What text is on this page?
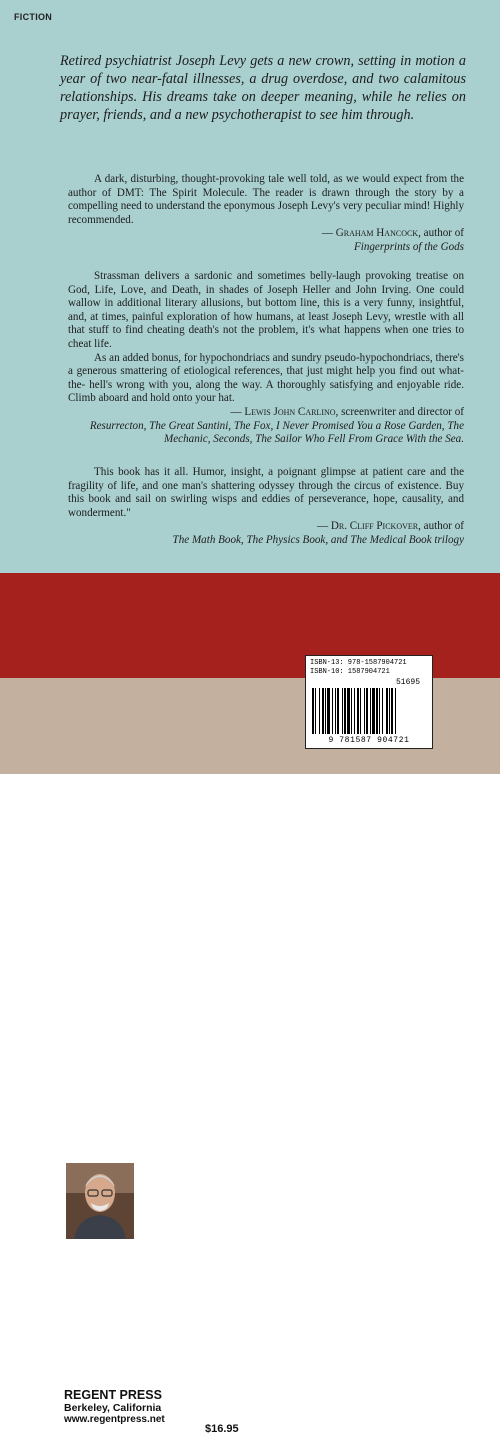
FICTION
Retired psychiatrist Joseph Levy gets a new crown, setting in motion a year of two near-fatal illnesses, a drug overdose, and two calamitous relationships. His dreams take on deeper meaning, while he relies on prayer, friends, and a new psychotherapist to see him through.

A dark, disturbing, thought-provoking tale well told, as we would expect from the author of DMT: The Spirit Molecule. The reader is drawn through the story by a compelling need to understand the eponymous Joseph Levy's very peculiar mind! Highly recommended.

— Graham Hancock, author of
Fingerprints of the Gods

Strassman delivers a sardonic and sometimes belly-laugh provoking treatise on God, Life, Love, and Death, in shades of Joseph Heller and John Irving. One could wallow in additional literary allusions, but bottom line, this is a very funny, insightful, and, at times, painful exploration of how humans, at least Joseph Levy, wrestle with all that stuff to find cheating death's not the problem, it's what happens when one tries to cheat life.

As an added bonus, for hypochondriacs and sundry pseudo-hypochondriacs, there's a generous smattering of etiological references, that just might help you find out what-the- hell's wrong with you, along the way. A thoroughly satisfying and enjoyable ride. Climb aboard and hold onto your hat.

— Lewis John Carlino, screenwriter and director of
Resurrecton, The Great Santini, The Fox, I Never Promised You a Rose Garden, The Mechanic, Seconds, The Sailor Who Fell From Grace With the Sea.

This book has it all. Humor, insight, a poignant glimpse at patient care and the fragility of life, and one man's shattering odyssey through the circus of existence. Buy this book and sail on swirling wisps and eddies of perseverance, hope, causality, and wonderment."

— Dr. Cliff Pickover, author of
The Math Book, The Physics Book, and The Medical Book trilogy
Rick Strassman is author of DMT: The Spirit Molecule and Clinical Associate Professor of Psychiatry at the University of New Mexico School of Medicine. www.rickstrassman.com
REGENT PRESS
Berkeley, California
www.regentpress.net
$16.95
ISBN-13: 978-1587904721
ISBN-10: 1587904721
51695
9 781587 904721
